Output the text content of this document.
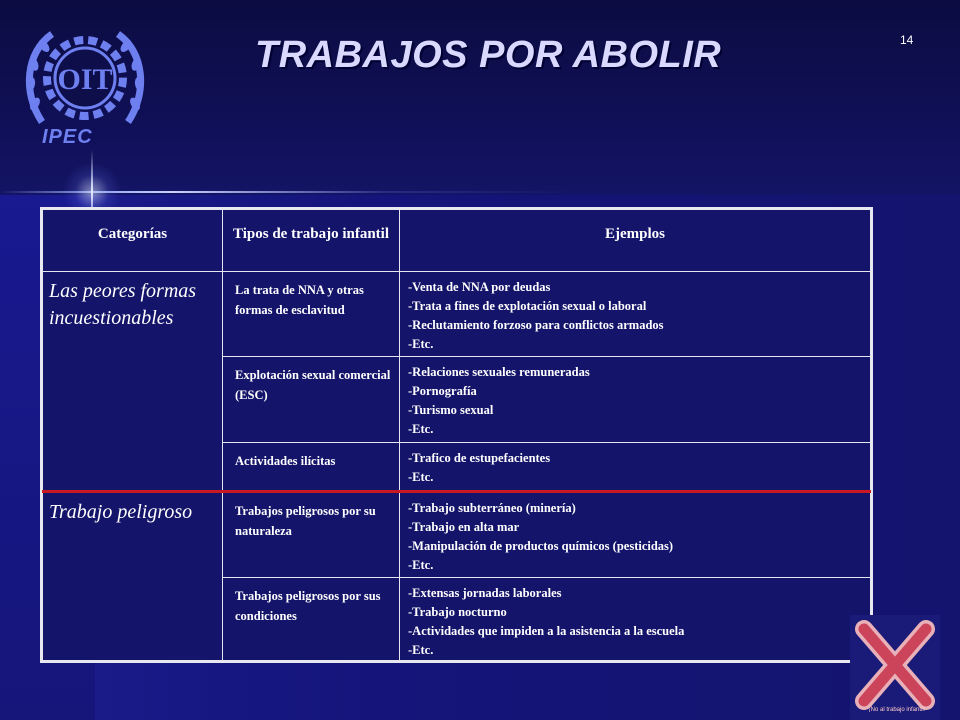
OIT
IPEC
TRABAJOS POR ABOLIR	14
Categorías	Tipos de trabajo infantil	Ejemplos
Las peores formas incuestionables	La trata de NNA y otras formas de esclavitud	-Venta de NNA por deudas
-Trata a fines de explotación sexual o laboral
-Reclutamiento forzoso para conflictos armados
-Etc.

	Explotación sexual comercial (ESC)	-Relaciones sexuales remuneradas
-Pornografía
-Turismo sexual
-Etc.

	Actividades ilícitas	-Trafico de estupefacientes
-Etc.

Trabajo peligroso	Trabajos peligrosos por su naturaleza	-Trabajo subterráneo (minería)
-Trabajo en alta mar
-Manipulación de productos químicos (pesticidas)
-Etc.

	Trabajos peligrosos por sus condiciones	-Extensas jornadas laborales
-Trabajo nocturno
-Actividades que impiden a la asistencia a la escuela
-Etc.
¡No al trabajo infantil!
